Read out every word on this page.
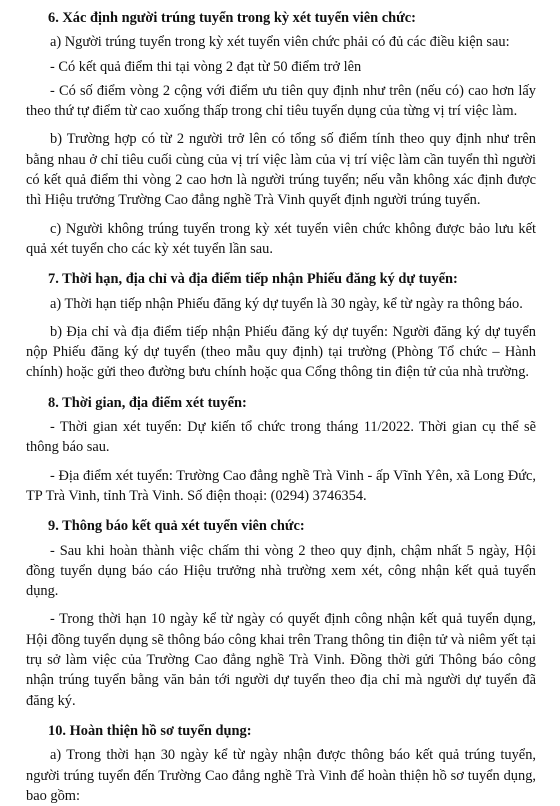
6. Xác định người trúng tuyển trong kỳ xét tuyển viên chức:

a) Người trúng tuyển trong kỳ xét tuyển viên chức phải có đủ các điều kiện sau:

- Có kết quả điểm thi tại vòng 2 đạt từ 50 điểm trở lên

- Có số điểm vòng 2 cộng với điểm ưu tiên quy định như trên (nếu có) cao hơn lấy theo thứ tự điểm từ cao xuống thấp trong chỉ tiêu tuyển dụng của từng vị trí việc làm.

b) Trường hợp có từ 2 người trở lên có tổng số điểm tính theo quy định như trên bằng nhau ở chỉ tiêu cuối cùng của vị trí việc làm của vị trí việc làm cần tuyển thì người có kết quả điểm thi vòng 2 cao hơn là người trúng tuyển; nếu vẫn không xác định được thì Hiệu trưởng Trường Cao đẳng nghề Trà Vinh quyết định người trúng tuyển.

c) Người không trúng tuyển trong kỳ xét tuyển viên chức không được bảo lưu kết quả xét tuyển cho các kỳ xét tuyển lần sau.

7. Thời hạn, địa chỉ và địa điểm tiếp nhận Phiếu đăng ký dự tuyển:

a) Thời hạn tiếp nhận Phiếu đăng ký dự tuyển là 30 ngày, kể từ ngày ra thông báo.

b) Địa chỉ và địa điểm tiếp nhận Phiếu đăng ký dự tuyển: Người đăng ký dự tuyển nộp Phiếu đăng ký dự tuyển (theo mẫu quy định) tại trường (Phòng Tổ chức – Hành chính) hoặc gửi theo đường bưu chính hoặc qua Cổng thông tin điện tử của nhà trường.

8. Thời gian, địa điểm xét tuyển:

- Thời gian xét tuyển: Dự kiến tổ chức trong tháng 11/2022. Thời gian cụ thể sẽ thông báo sau.

- Địa điểm xét tuyển: Trường Cao đẳng nghề Trà Vinh - ấp Vĩnh Yên, xã Long Đức, TP Trà Vinh, tỉnh Trà Vinh. Số điện thoại: (0294) 3746354.

9. Thông báo kết quả xét tuyển viên chức:

- Sau khi hoàn thành việc chấm thi vòng 2 theo quy định, chậm nhất 5 ngày, Hội đồng tuyển dụng báo cáo Hiệu trưởng nhà trường xem xét, công nhận kết quả tuyển dụng.

- Trong thời hạn 10 ngày kể từ ngày có quyết định công nhận kết quả tuyển dụng, Hội đồng tuyển dụng sẽ thông báo công khai trên Trang thông tin điện tử và niêm yết tại trụ sở làm việc của Trường Cao đẳng nghề Trà Vinh. Đồng thời gửi Thông báo công nhận trúng tuyển bằng văn bản tới người dự tuyển theo địa chỉ mà người dự tuyển đã đăng ký.

10. Hoàn thiện hồ sơ tuyển dụng:

a) Trong thời hạn 30 ngày kể từ ngày nhận được thông báo kết quả trúng tuyển, người trúng tuyển đến Trường Cao đẳng nghề Trà Vinh để hoàn thiện hồ sơ tuyển dụng, bao gồm:
